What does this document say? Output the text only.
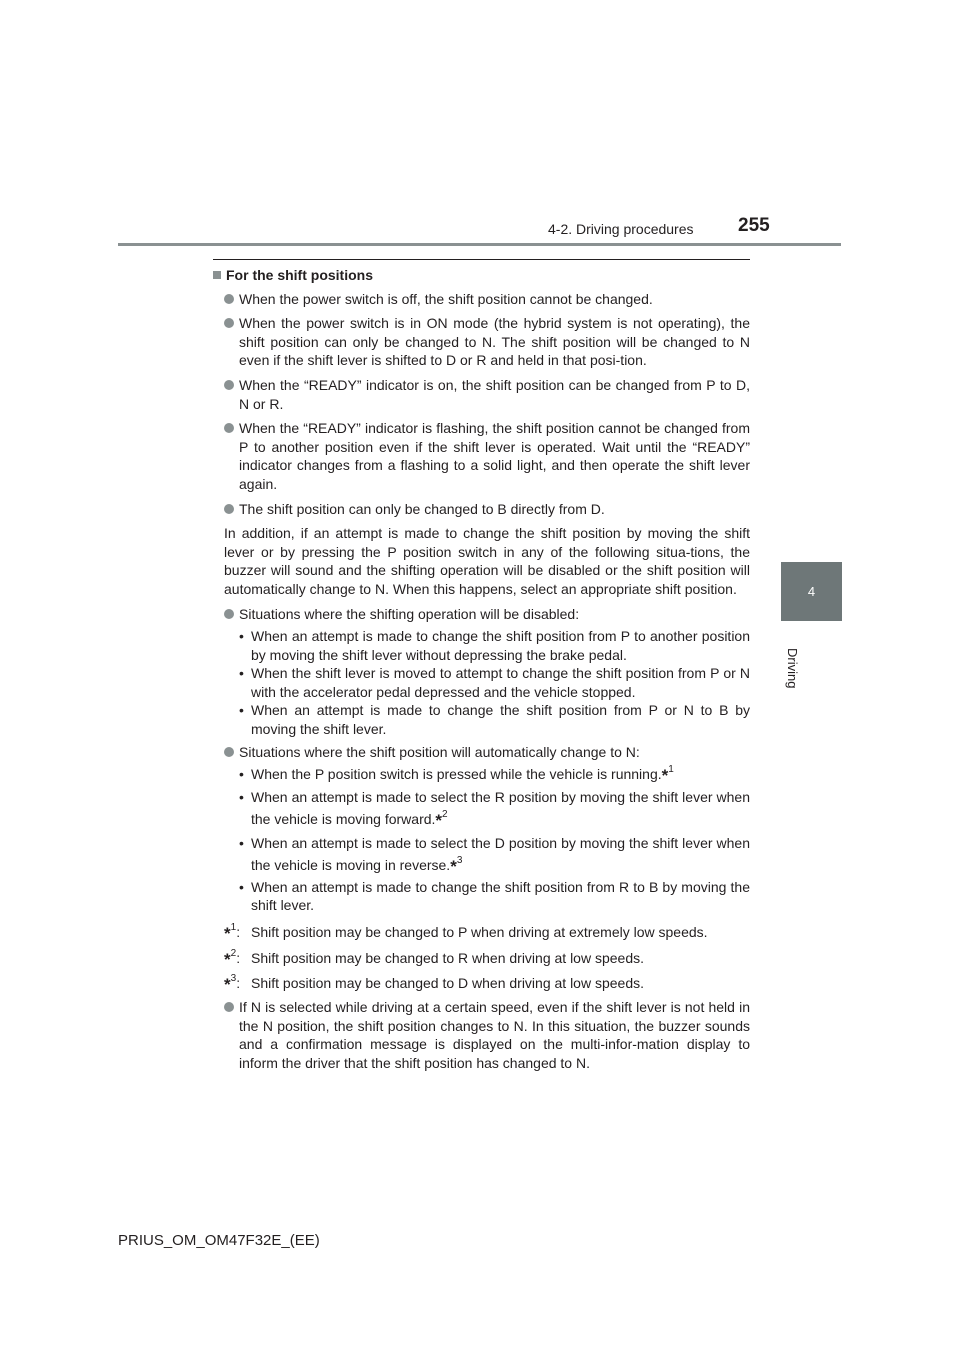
4-2. Driving procedures 255
4
Driving
For the shift positions
When the power switch is off, the shift position cannot be changed.
When the power switch is in ON mode (the hybrid system is not operating), the shift position can only be changed to N. The shift position will be changed to N even if the shift lever is shifted to D or R and held in that posi-tion.
When the “READY” indicator is on, the shift position can be changed from P to D, N or R.
When the “READY” indicator is flashing, the shift position cannot be changed from P to another position even if the shift lever is operated. Wait until the “READY” indicator changes from a flashing to a solid light, and then operate the shift lever again.
The shift position can only be changed to B directly from D.
In addition, if an attempt is made to change the shift position by moving the shift lever or by pressing the P position switch in any of the following situa-tions, the buzzer will sound and the shifting operation will be disabled or the shift position will automatically change to N. When this happens, select an appropriate shift position.
Situations where the shifting operation will be disabled:
• When an attempt is made to change the shift position from P to another position by moving the shift lever without depressing the brake pedal.
• When the shift lever is moved to attempt to change the shift position from P or N with the accelerator pedal depressed and the vehicle stopped.
• When an attempt is made to change the shift position from P or N to B by moving the shift lever.
Situations where the shift position will automatically change to N:
• When the P position switch is pressed while the vehicle is running.*$^1$
• When an attempt is made to select the R position by moving the shift lever when the vehicle is moving forward.*$^2$
• When an attempt is made to select the D position by moving the shift lever when the vehicle is moving in reverse.*$^3$
• When an attempt is made to change the shift position from R to B by moving the shift lever.
*$^1$: Shift position may be changed to P when driving at extremely low speeds.
*$^2$: Shift position may be changed to R when driving at low speeds.
*$^3$: Shift position may be changed to D when driving at low speeds.
If N is selected while driving at a certain speed, even if the shift lever is not held in the N position, the shift position changes to N. In this situation, the buzzer sounds and a confirmation message is displayed on the multi-infor-mation display to inform the driver that the shift position has changed to N.
PRIUS_OM_OM47F32E_(EE)
